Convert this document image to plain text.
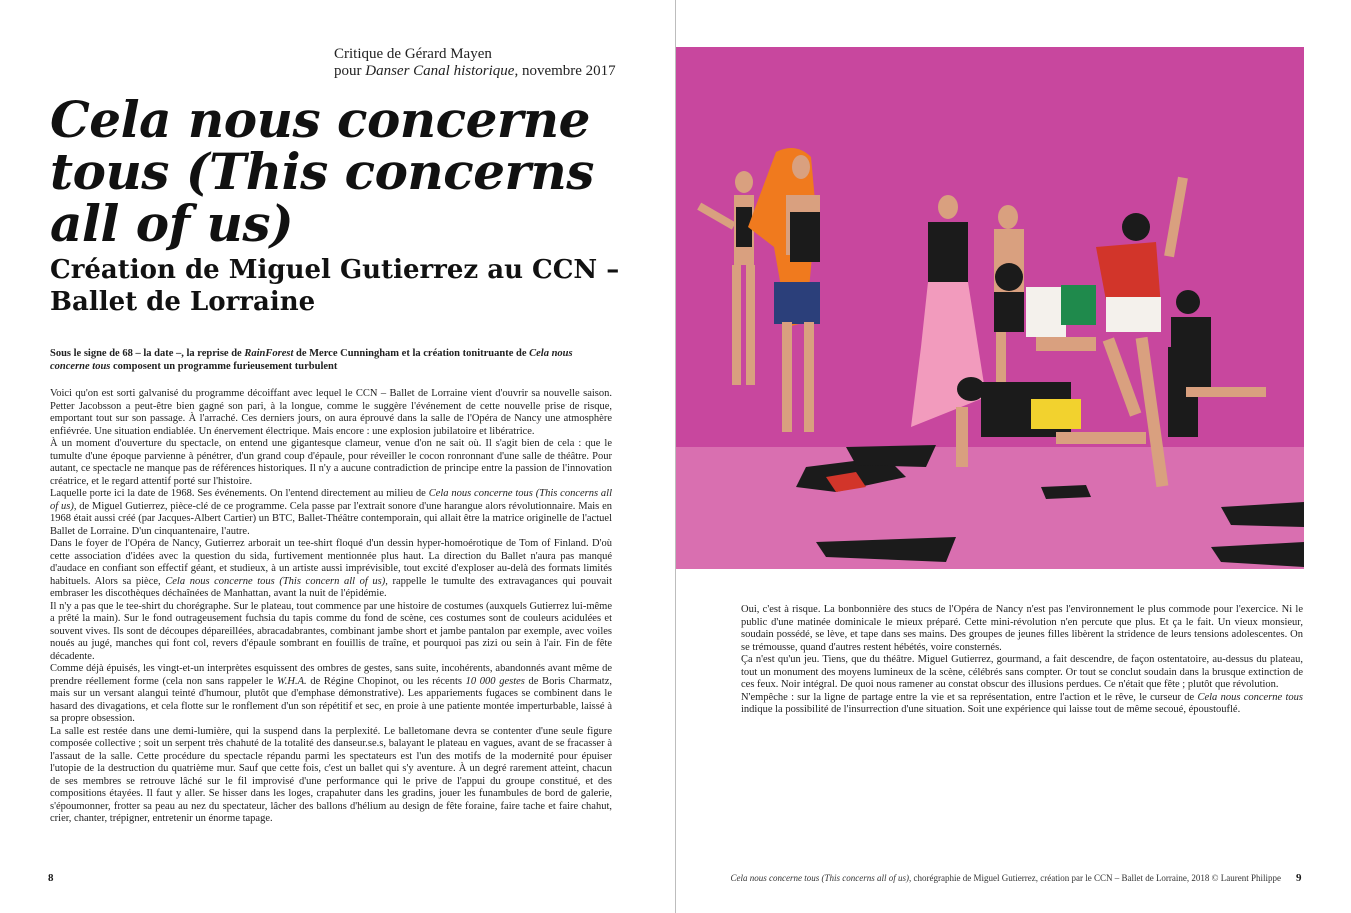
Critique de Gérard Mayen
pour Danser Canal historique, novembre 2017
Cela nous concerne tous (This concerns all of us)
Création de Miguel Gutierrez au CCN – Ballet de Lorraine
Sous le signe de 68 – la date –, la reprise de RainForest de Merce Cunningham et la création tonitruante de Cela nous concerne tous composent un programme furieusement turbulent

Voici qu'on est sorti galvanisé du programme décoiffant avec lequel le CCN – Ballet de Lorraine vient d'ouvrir sa nouvelle saison. Petter Jacobsson a peut-être bien gagné son pari, à la longue, comme le suggère l'événement de cette nouvelle prise de risque, emportant tout sur son passage. À l'arraché. Ces derniers jours, on aura éprouvé dans la salle de l'Opéra de Nancy une atmosphère enfiévrée. Une situation endiablée. Un énervement électrique. Mais encore : une explosion jubilatoire et libératrice.

À un moment d'ouverture du spectacle, on entend une gigantesque clameur, venue d'on ne sait où. Il s'agit bien de cela : que le tumulte d'une époque parvienne à pénétrer, d'un grand coup d'épaule, pour réveiller le cocon ronronnant d'une salle de théâtre. Pour autant, ce spectacle ne manque pas de références historiques. Il n'y a aucune contradiction de principe entre la passion de l'innovation créatrice, et le regard attentif porté sur l'histoire.

Laquelle porte ici la date de 1968. Ses événements. On l'entend directement au milieu de Cela nous concerne tous (This concerns all of us), de Miguel Gutierrez, pièce-clé de ce programme. Cela passe par l'extrait sonore d'une harangue alors révolutionnaire. Mais en 1968 était aussi créé (par Jacques-Albert Cartier) un BTC, Ballet-Théâtre contemporain, qui allait être la matrice originelle de l'actuel Ballet de Lorraine. D'un cinquantenaire, l'autre.

Dans le foyer de l'Opéra de Nancy, Gutierrez arborait un tee-shirt floqué d'un dessin hyper-homoérotique de Tom of Finland. D'où cette association d'idées avec la question du sida, furtivement mentionnée plus haut. La direction du Ballet n'aura pas manqué d'audace en confiant son effectif géant, et studieux, à un artiste aussi imprévisible, tout excité d'exploser au-delà des formats limités habituels. Alors sa pièce, Cela nous concerne tous (This concern all of us), rappelle le tumulte des extravagances qui pouvait embraser les discothèques déchaînées de Manhattan, avant la nuit de l'épidémie.

Il n'y a pas que le tee-shirt du chorégraphe. Sur le plateau, tout commence par une histoire de costumes (auxquels Gutierrez lui-même a prêté la main). Sur le fond outrageusement fuchsia du tapis comme du fond de scène, ces costumes sont de couleurs acidulées et souvent vives. Ils sont de découpes dépareillées, abracadabrantes, combinant jambe short et jambe pantalon par exemple, avec voiles noués au jugé, manches qui font col, revers d'épaule sombrant en fouillis de traîne, et pourquoi pas zizi ou sein à l'air. Fin de fête décadente.

Comme déjà épuisés, les vingt-et-un interprètes esquissent des ombres de gestes, sans suite, incohérents, abandonnés avant même de prendre réellement forme (cela non sans rappeler le W.H.A. de Régine Chopinot, ou les récents 10 000 gestes de Boris Charmatz, mais sur un versant alangui teinté d'humour, plutôt que d'emphase démonstrative). Les appariements fugaces se combinent dans le hasard des divagations, et cela flotte sur le ronflement d'un son répétitif et sec, en proie à une patiente montée imperturbable, laissé à sa propre obsession.

La salle est restée dans une demi-lumière, qui la suspend dans la perplexité. Le balletomane devra se contenter d'une seule figure composée collective ; soit un serpent très chahuté de la totalité des danseur.se.s, balayant le plateau en vagues, avant de se fracasser à l'assaut de la salle. Cette procédure du spectacle répandu parmi les spectateurs est l'un des motifs de la modernité pour épuiser l'utopie de la destruction du quatrième mur. Sauf que cette fois, c'est un ballet qui s'y aventure. À un degré rarement atteint, chacun de ses membres se retrouve lâché sur le fil improvisé d'une performance qui le prive de l'appui du groupe constitué, et des compositions étayées. Il faut y aller. Se hisser dans les loges, crapahuter dans les gradins, jouer les funambules de bord de galerie, s'époumonner, frotter sa peau au nez du spectateur, lâcher des ballons d'hélium au design de fête foraine, faire tache et faire chahut, crier, chanter, trépigner, entretenir un énorme tapage.

Oui, c'est à risque. La bonbonnière des stucs de l'Opéra de Nancy n'est pas l'environnement le plus commode pour l'exercice. Ni le public d'une matinée dominicale le mieux préparé. Cette mini-révolution n'en percute que plus. Et ça le fait. Un vieux monsieur, soudain possédé, se lève, et tape dans ses mains. Des groupes de jeunes filles libèrent la stridence de leurs tensions adolescentes. On se trémousse, quand d'autres restent hébétés, voire consternés.

Ça n'est qu'un jeu. Tiens, que du théâtre. Miguel Gutierrez, gourmand, a fait descendre, de façon ostentatoire, au-dessus du plateau, tout un monument des moyens lumineux de la scène, célébrés sans compter. Or tout se conclut soudain dans la brusque extinction de ces feux. Noir intégral. De quoi nous ramener au constat obscur des illusions perdues. Ce n'était que fête ; plutôt que révolution.

N'empêche : sur la ligne de partage entre la vie et sa représentation, entre l'action et le rêve, le curseur de Cela nous concerne tous indique la possibilité de l'insurrection d'une situation. Soit une expérience qui laisse tout de même secoué, époustouflé.

8	Cela nous concerne tous (This concerns all of us), chorégraphie de Miguel Gutierrez, création par le CCN – Ballet de Lorraine, 2018 © Laurent Philippe 9
